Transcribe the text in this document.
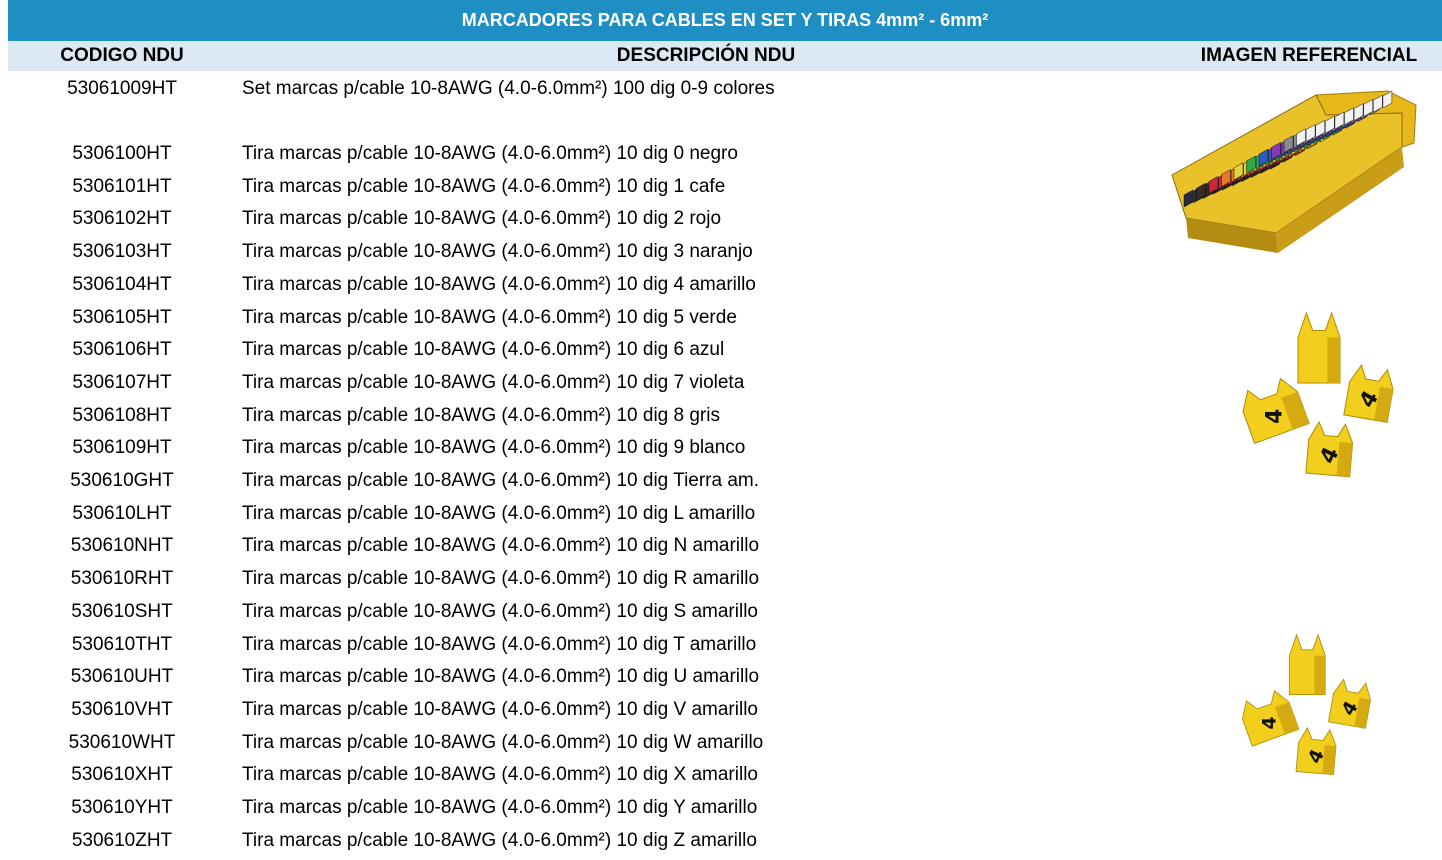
MARCADORES PARA CABLES EN SET Y TIRAS 4mm² - 6mm²
CODIGO NDU	DESCRIPCIÓN NDU	IMAGEN REFERENCIAL
53061009HT	Set marcas p/cable 10-8AWG (4.0-6.0mm²) 100 dig 0-9 colores
5306100HT	Tira marcas p/cable 10-8AWG (4.0-6.0mm²) 10 dig 0 negro
5306101HT	Tira marcas p/cable 10-8AWG (4.0-6.0mm²) 10 dig 1 cafe
5306102HT	Tira marcas p/cable 10-8AWG (4.0-6.0mm²) 10 dig 2 rojo
5306103HT	Tira marcas p/cable 10-8AWG (4.0-6.0mm²) 10 dig 3 naranjo
5306104HT	Tira marcas p/cable 10-8AWG (4.0-6.0mm²) 10 dig 4 amarillo
5306105HT	Tira marcas p/cable 10-8AWG (4.0-6.0mm²) 10 dig 5 verde
5306106HT	Tira marcas p/cable 10-8AWG (4.0-6.0mm²) 10 dig 6 azul
5306107HT	Tira marcas p/cable 10-8AWG (4.0-6.0mm²) 10 dig 7 violeta
5306108HT	Tira marcas p/cable 10-8AWG (4.0-6.0mm²) 10 dig 8 gris
5306109HT	Tira marcas p/cable 10-8AWG (4.0-6.0mm²) 10 dig 9 blanco
530610GHT	Tira marcas p/cable 10-8AWG (4.0-6.0mm²) 10 dig Tierra am.
530610LHT	Tira marcas p/cable 10-8AWG (4.0-6.0mm²) 10 dig L amarillo
530610NHT	Tira marcas p/cable 10-8AWG (4.0-6.0mm²) 10 dig N amarillo
530610RHT	Tira marcas p/cable 10-8AWG (4.0-6.0mm²) 10 dig R amarillo
530610SHT	Tira marcas p/cable 10-8AWG (4.0-6.0mm²) 10 dig S amarillo
530610THT	Tira marcas p/cable 10-8AWG (4.0-6.0mm²) 10 dig T amarillo
530610UHT	Tira marcas p/cable 10-8AWG (4.0-6.0mm²) 10 dig U amarillo
530610VHT	Tira marcas p/cable 10-8AWG (4.0-6.0mm²) 10 dig V amarillo
530610WHT	Tira marcas p/cable 10-8AWG (4.0-6.0mm²) 10 dig W amarillo
530610XHT	Tira marcas p/cable 10-8AWG (4.0-6.0mm²) 10 dig X amarillo
530610YHT	Tira marcas p/cable 10-8AWG (4.0-6.0mm²) 10 dig Y amarillo
530610ZHT	Tira marcas p/cable 10-8AWG (4.0-6.0mm²) 10 dig Z amarillo
4
4
4
4
4
4
